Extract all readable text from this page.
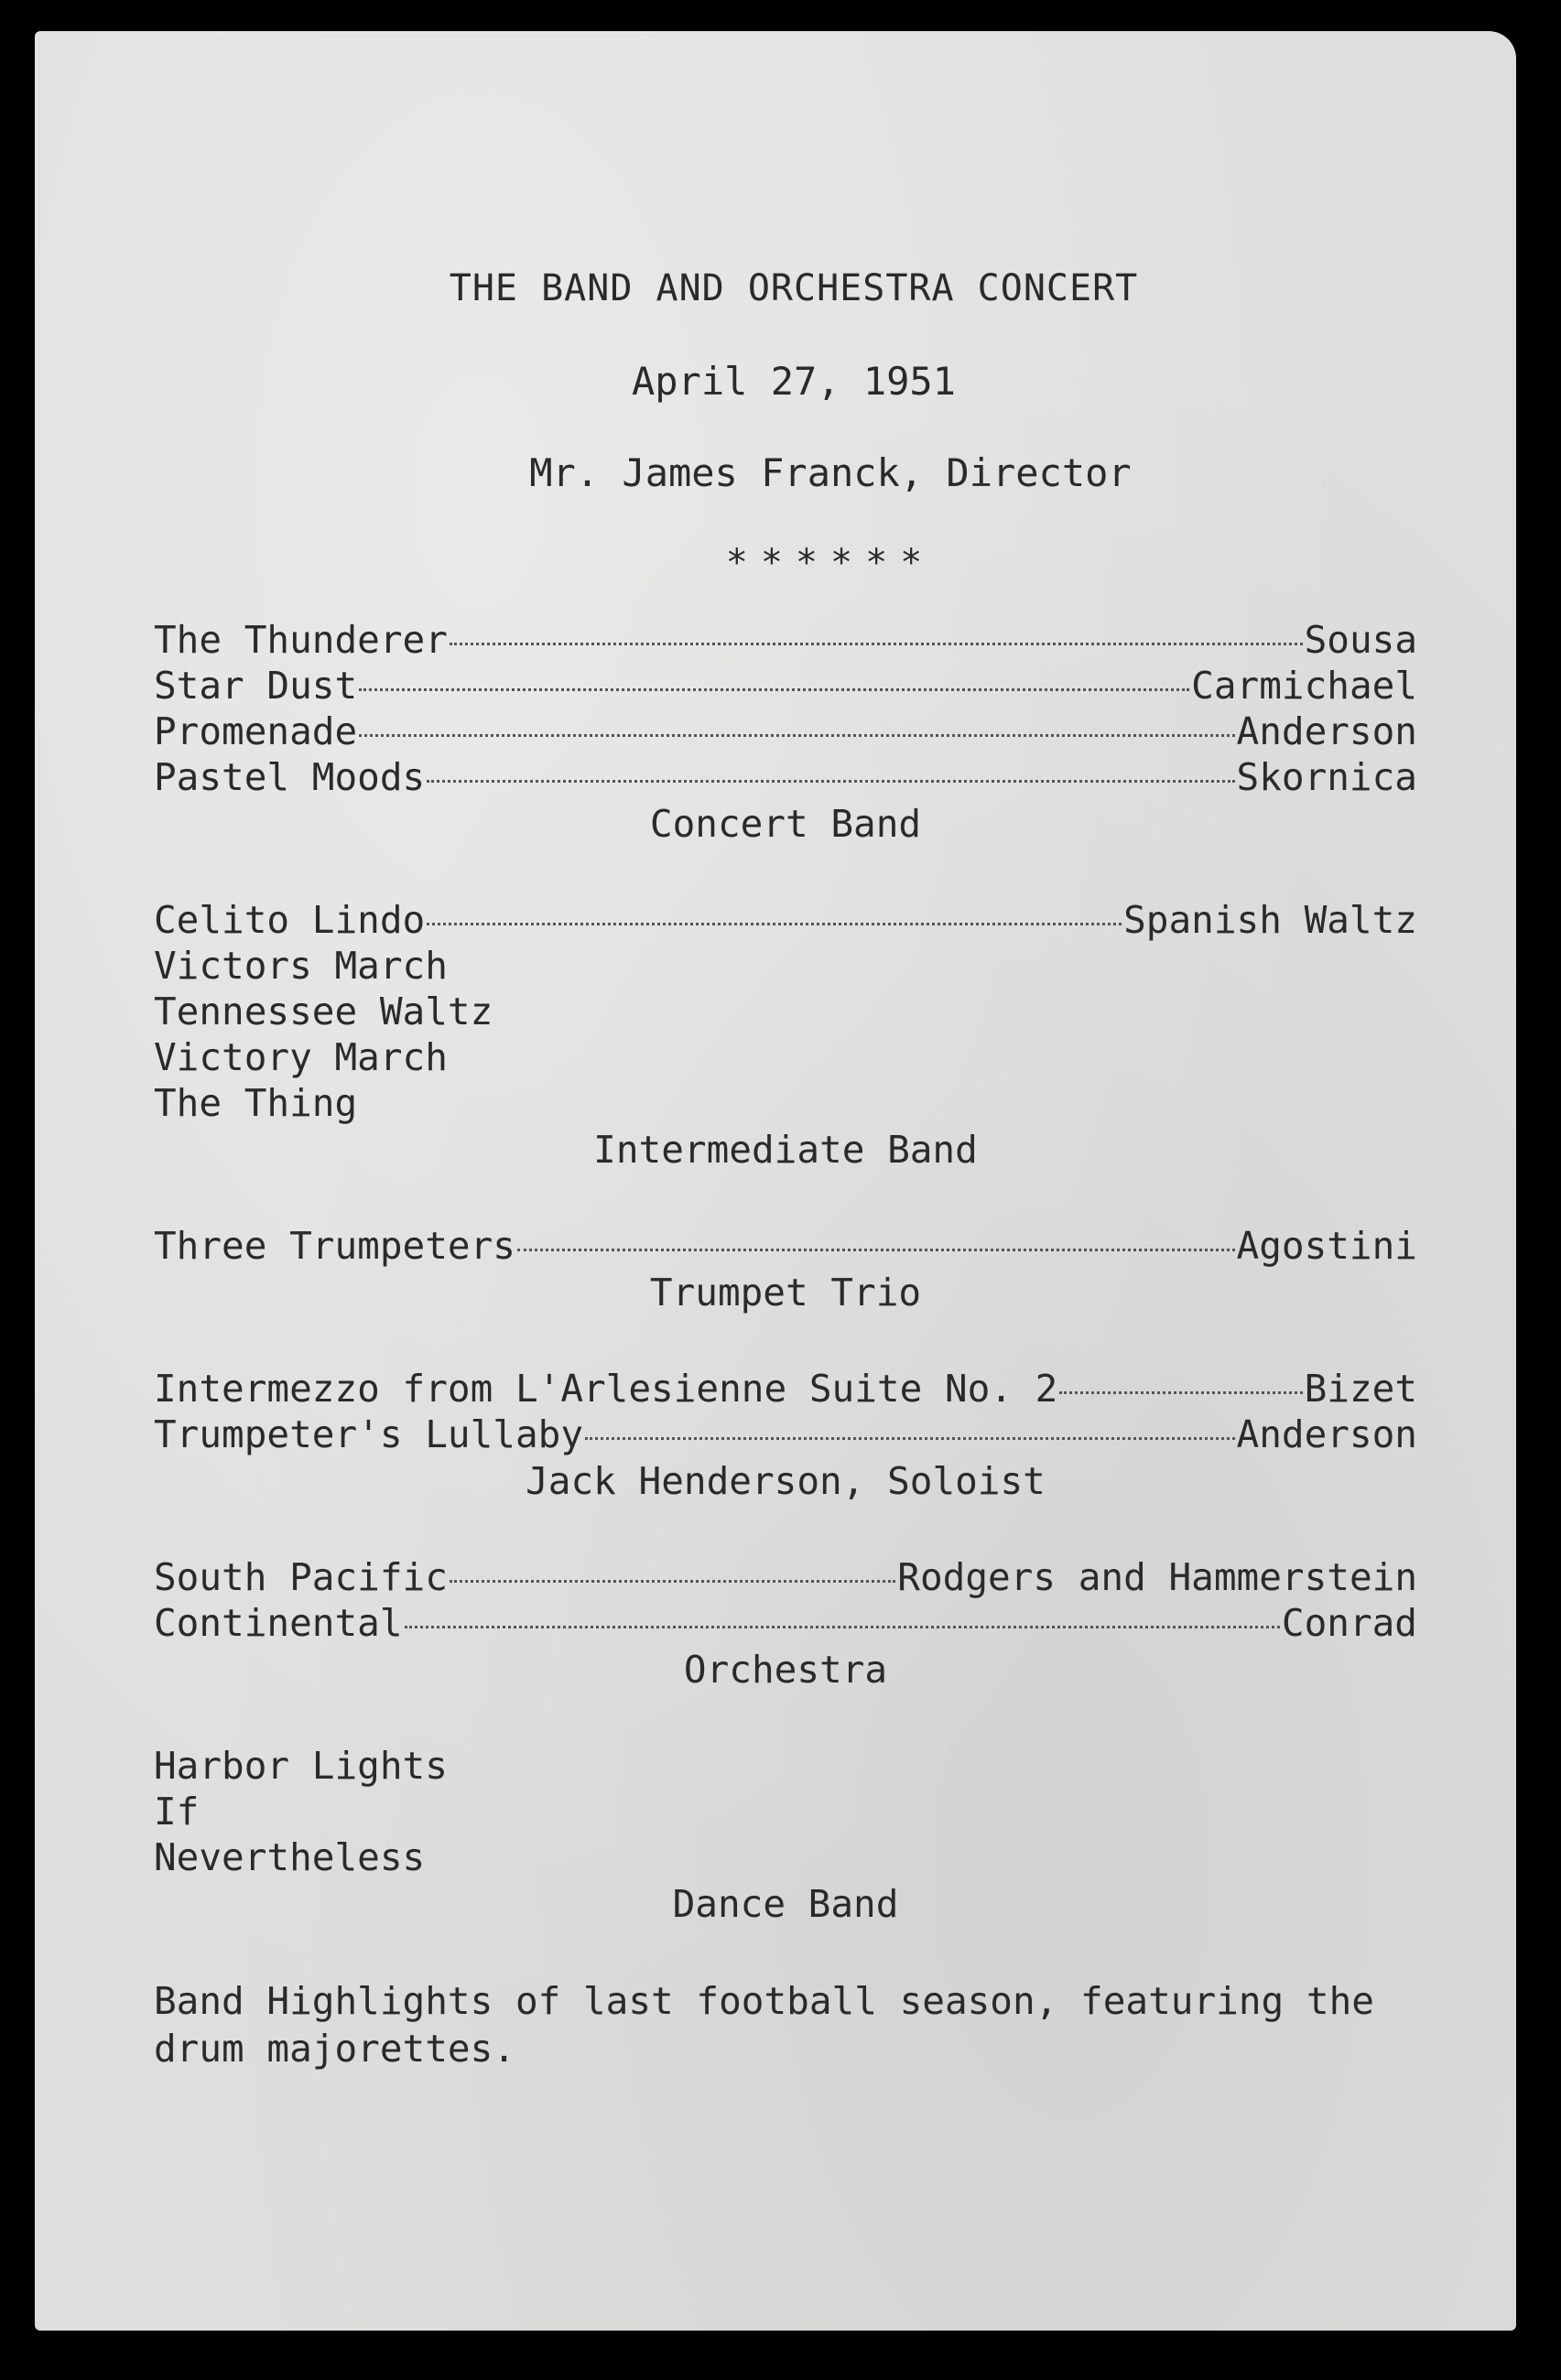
THE BAND AND ORCHESTRA CONCERT
April 27, 1951
Mr. James Franck, Director
******
The Thunderer	Sousa
Star Dust	Carmichael
Promenade	Anderson
Pastel Moods	Skornica
Concert Band
Celito Lindo	Spanish Waltz
Victors March
Tennessee Waltz
Victory March
The Thing
Intermediate Band
Three Trumpeters	Agostini
Trumpet Trio
Intermezzo from L'Arlesienne Suite No. 2	Bizet
Trumpeter's Lullaby	Anderson
Jack Henderson, Soloist
South Pacific	Rodgers and Hammerstein
Continental	Conrad
Orchestra
Harbor Lights
If
Nevertheless
Dance Band
Band Highlights of last football season, featuring the drum majorettes.
